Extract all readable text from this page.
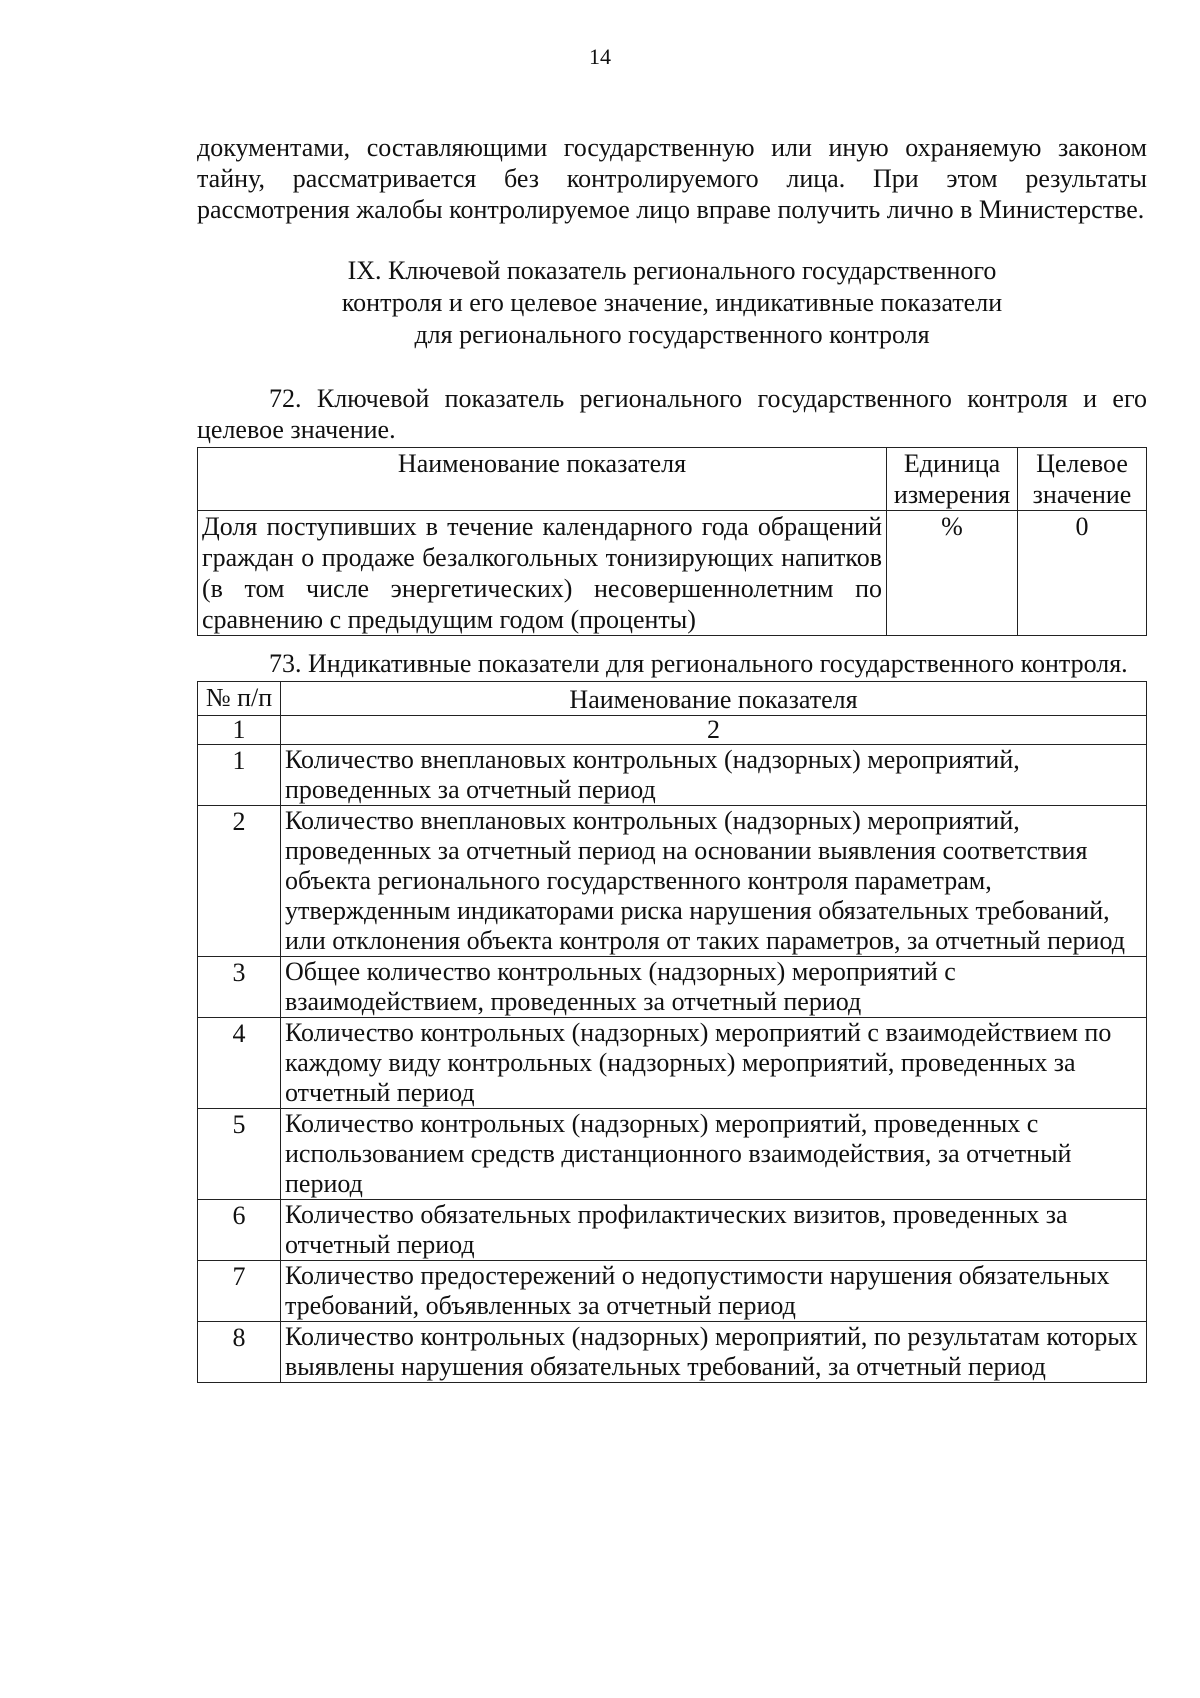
14

документами, составляющими государственную или иную охраняемую законом тайну, рассматривается без контролируемого лица. При этом результаты рассмотрения жалобы контролируемое лицо вправе получить лично в Министерстве.

IX. Ключевой показатель регионального государственного
контроля и его целевое значение, индикативные показатели
для регионального государственного контроля

72. Ключевой показатель регионального государственного контроля и его целевое значение.

Наименование показателя	Единица измерения	Целевое значение
Доля поступивших в течение календарного года обращений граждан о продаже безалкогольных тонизирующих напитков (в том числе энергетических) несовершеннолетним по сравнению с предыдущим годом (проценты)	%	0

73. Индикативные показатели для регионального государственного контроля.

№ п/п	Наименование показателя
1	2
1	Количество внеплановых контрольных (надзорных) мероприятий, проведенных за отчетный период
2	Количество внеплановых контрольных (надзорных) мероприятий, проведенных за отчетный период на основании выявления соответствия объекта регионального государственного контроля параметрам, утвержденным индикаторами риска нарушения обязательных требований, или отклонения объекта контроля от таких параметров, за отчетный период
3	Общее количество контрольных (надзорных) мероприятий с взаимодействием, проведенных за отчетный период
4	Количество контрольных (надзорных) мероприятий с взаимодействием по каждому виду контрольных (надзорных) мероприятий, проведенных за отчетный период
5	Количество контрольных (надзорных) мероприятий, проведенных с использованием средств дистанционного взаимодействия, за отчетный период
6	Количество обязательных профилактических визитов, проведенных за отчетный период
7	Количество предостережений о недопустимости нарушения обязательных требований, объявленных за отчетный период
8	Количество контрольных (надзорных) мероприятий, по результатам которых выявлены нарушения обязательных требований, за отчетный период
